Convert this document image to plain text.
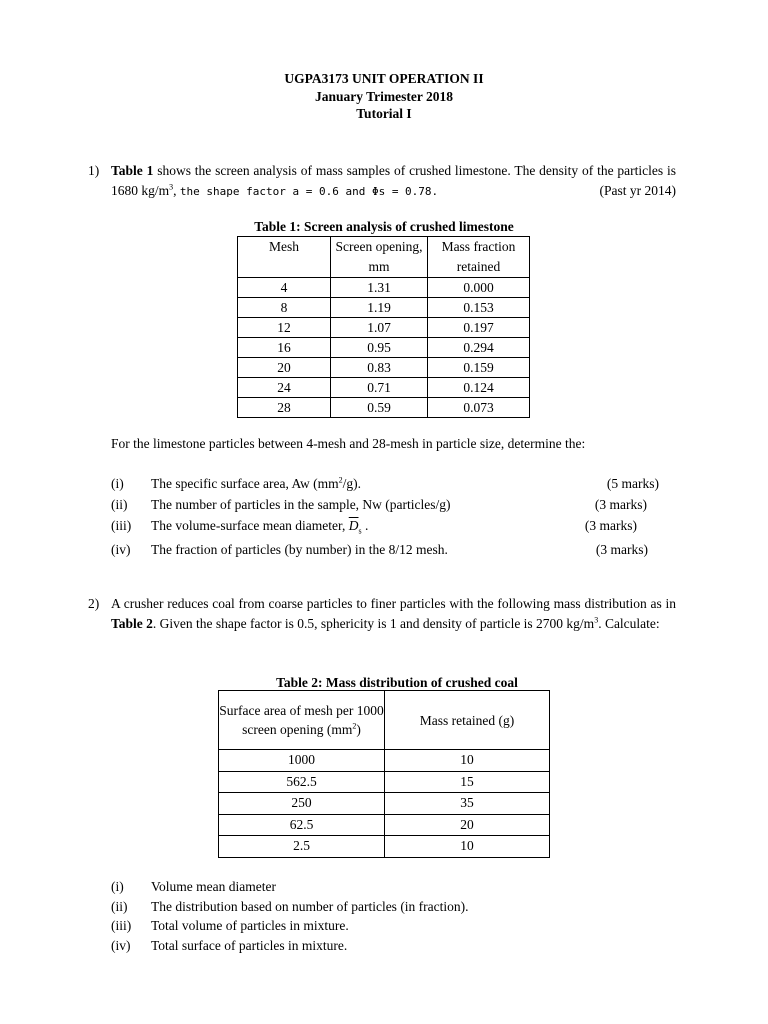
UGPA3173 UNIT OPERATION II
January Trimester 2018
Tutorial I
1) Table 1 shows the screen analysis of mass samples of crushed limestone. The density of the particles is 1680 $kg/m^3$, the shape factor a = 0.6 and Φs = 0.78.	(Past yr 2014)
Table 1: Screen analysis of crushed limestone
Mesh	Screen opening, mm	Mass fraction retained
4	1.31	0.000
8	1.19	0.153
12	1.07	0.197
16	0.95	0.294
20	0.83	0.159
24	0.71	0.124
28	0.59	0.073
For the limestone particles between 4-mesh and 28-mesh in particle size, determine the:
(i) The specific surface area, Aw $(mm^2/g)$.	(5 marks)
(ii) The number of particles in the sample, Nw (particles/g)	(3 marks)
(iii) The volume-surface mean diameter, $\overline{D}_s$ .	(3 marks)
(iv) The fraction of particles (by number) in the 8/12 mesh.	(3 marks)
2) A crusher reduces coal from coarse particles to finer particles with the following mass distribution as in Table 2. Given the shape factor is 0.5, sphericity is 1 and density of particle is 2700 $kg/m^3$. Calculate:
Table 2: Mass distribution of crushed coal
Surface area of mesh per 1000 screen opening $(mm^2)$	Mass retained (g)
1000	10
562.5	15
250	35
62.5	20
2.5	10
(i) Volume mean diameter
(ii) The distribution based on number of particles (in fraction).
(iii) Total volume of particles in mixture.
(iv) Total surface of particles in mixture.
